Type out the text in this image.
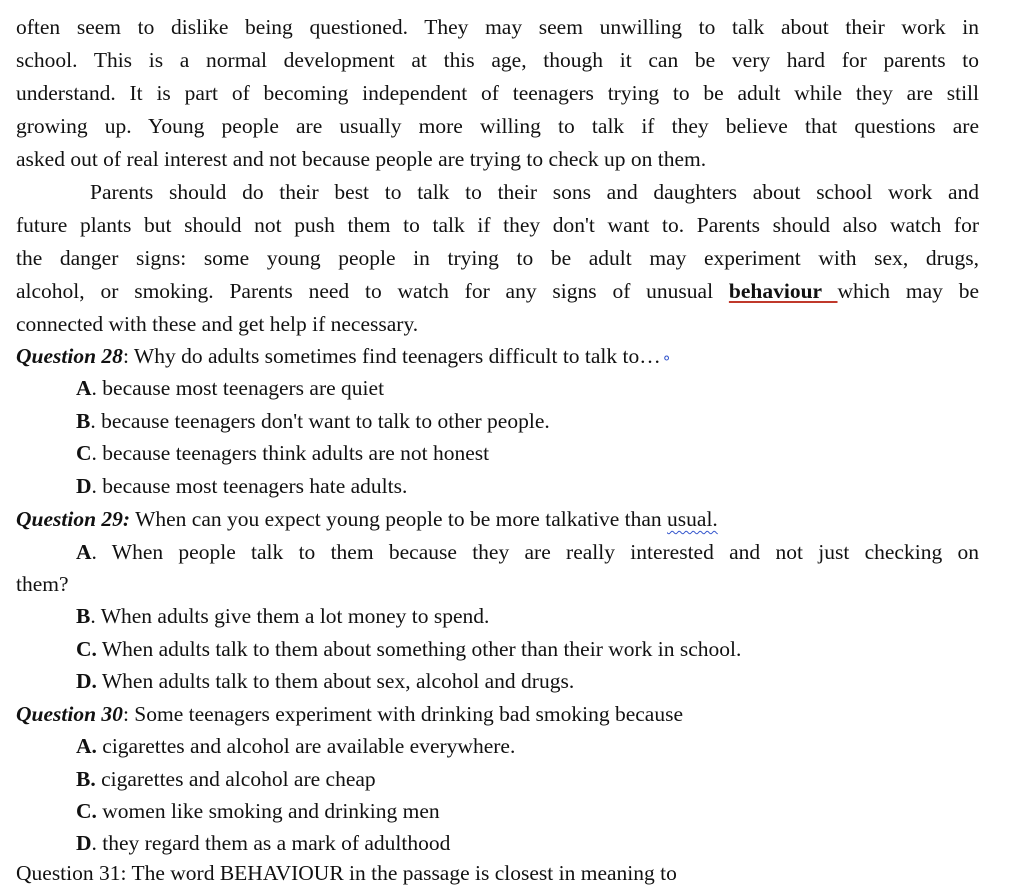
often seem to dislike being questioned. They may seem unwilling to talk about their work in
school. This is a normal development at this age, though it can be very hard for parents to
understand. It is part of becoming independent of teenagers trying to be adult while they are still
growing up. Young people are usually more willing to talk if they believe that questions are
asked out of real interest and not because people are trying to check up on them.
Parents should do their best to talk to their sons and daughters about school work and
future plants but should not push them to talk if they don't want to. Parents should also watch for
the danger signs: some young people in trying to be adult may experiment with sex, drugs,
alcohol, or smoking. Parents need to watch for any signs of unusual behaviour which may be
connected with these and get help if necessary.
Question 28: Why do adults sometimes find teenagers difficult to talk to…⚬
A. because most teenagers are quiet
B. because teenagers don't want to talk to other people.
C. because teenagers think adults are not honest
D. because most teenagers hate adults.
Question 29: When can you expect young people to be more talkative than usual.
A. When people talk to them because they are really interested and not just checking on
them?
B. When adults give them a lot money to spend.
C. When adults talk to them about something other than their work in school.
D. When adults talk to them about sex, alcohol and drugs.
Question 30: Some teenagers experiment with drinking bad smoking because
A. cigarettes and alcohol are available everywhere.
B. cigarettes and alcohol are cheap
C. women like smoking and drinking men
D. they regard them as a mark of adulthood
Question 31: The word BEHAVIOUR in the passage is closest in meaning to
